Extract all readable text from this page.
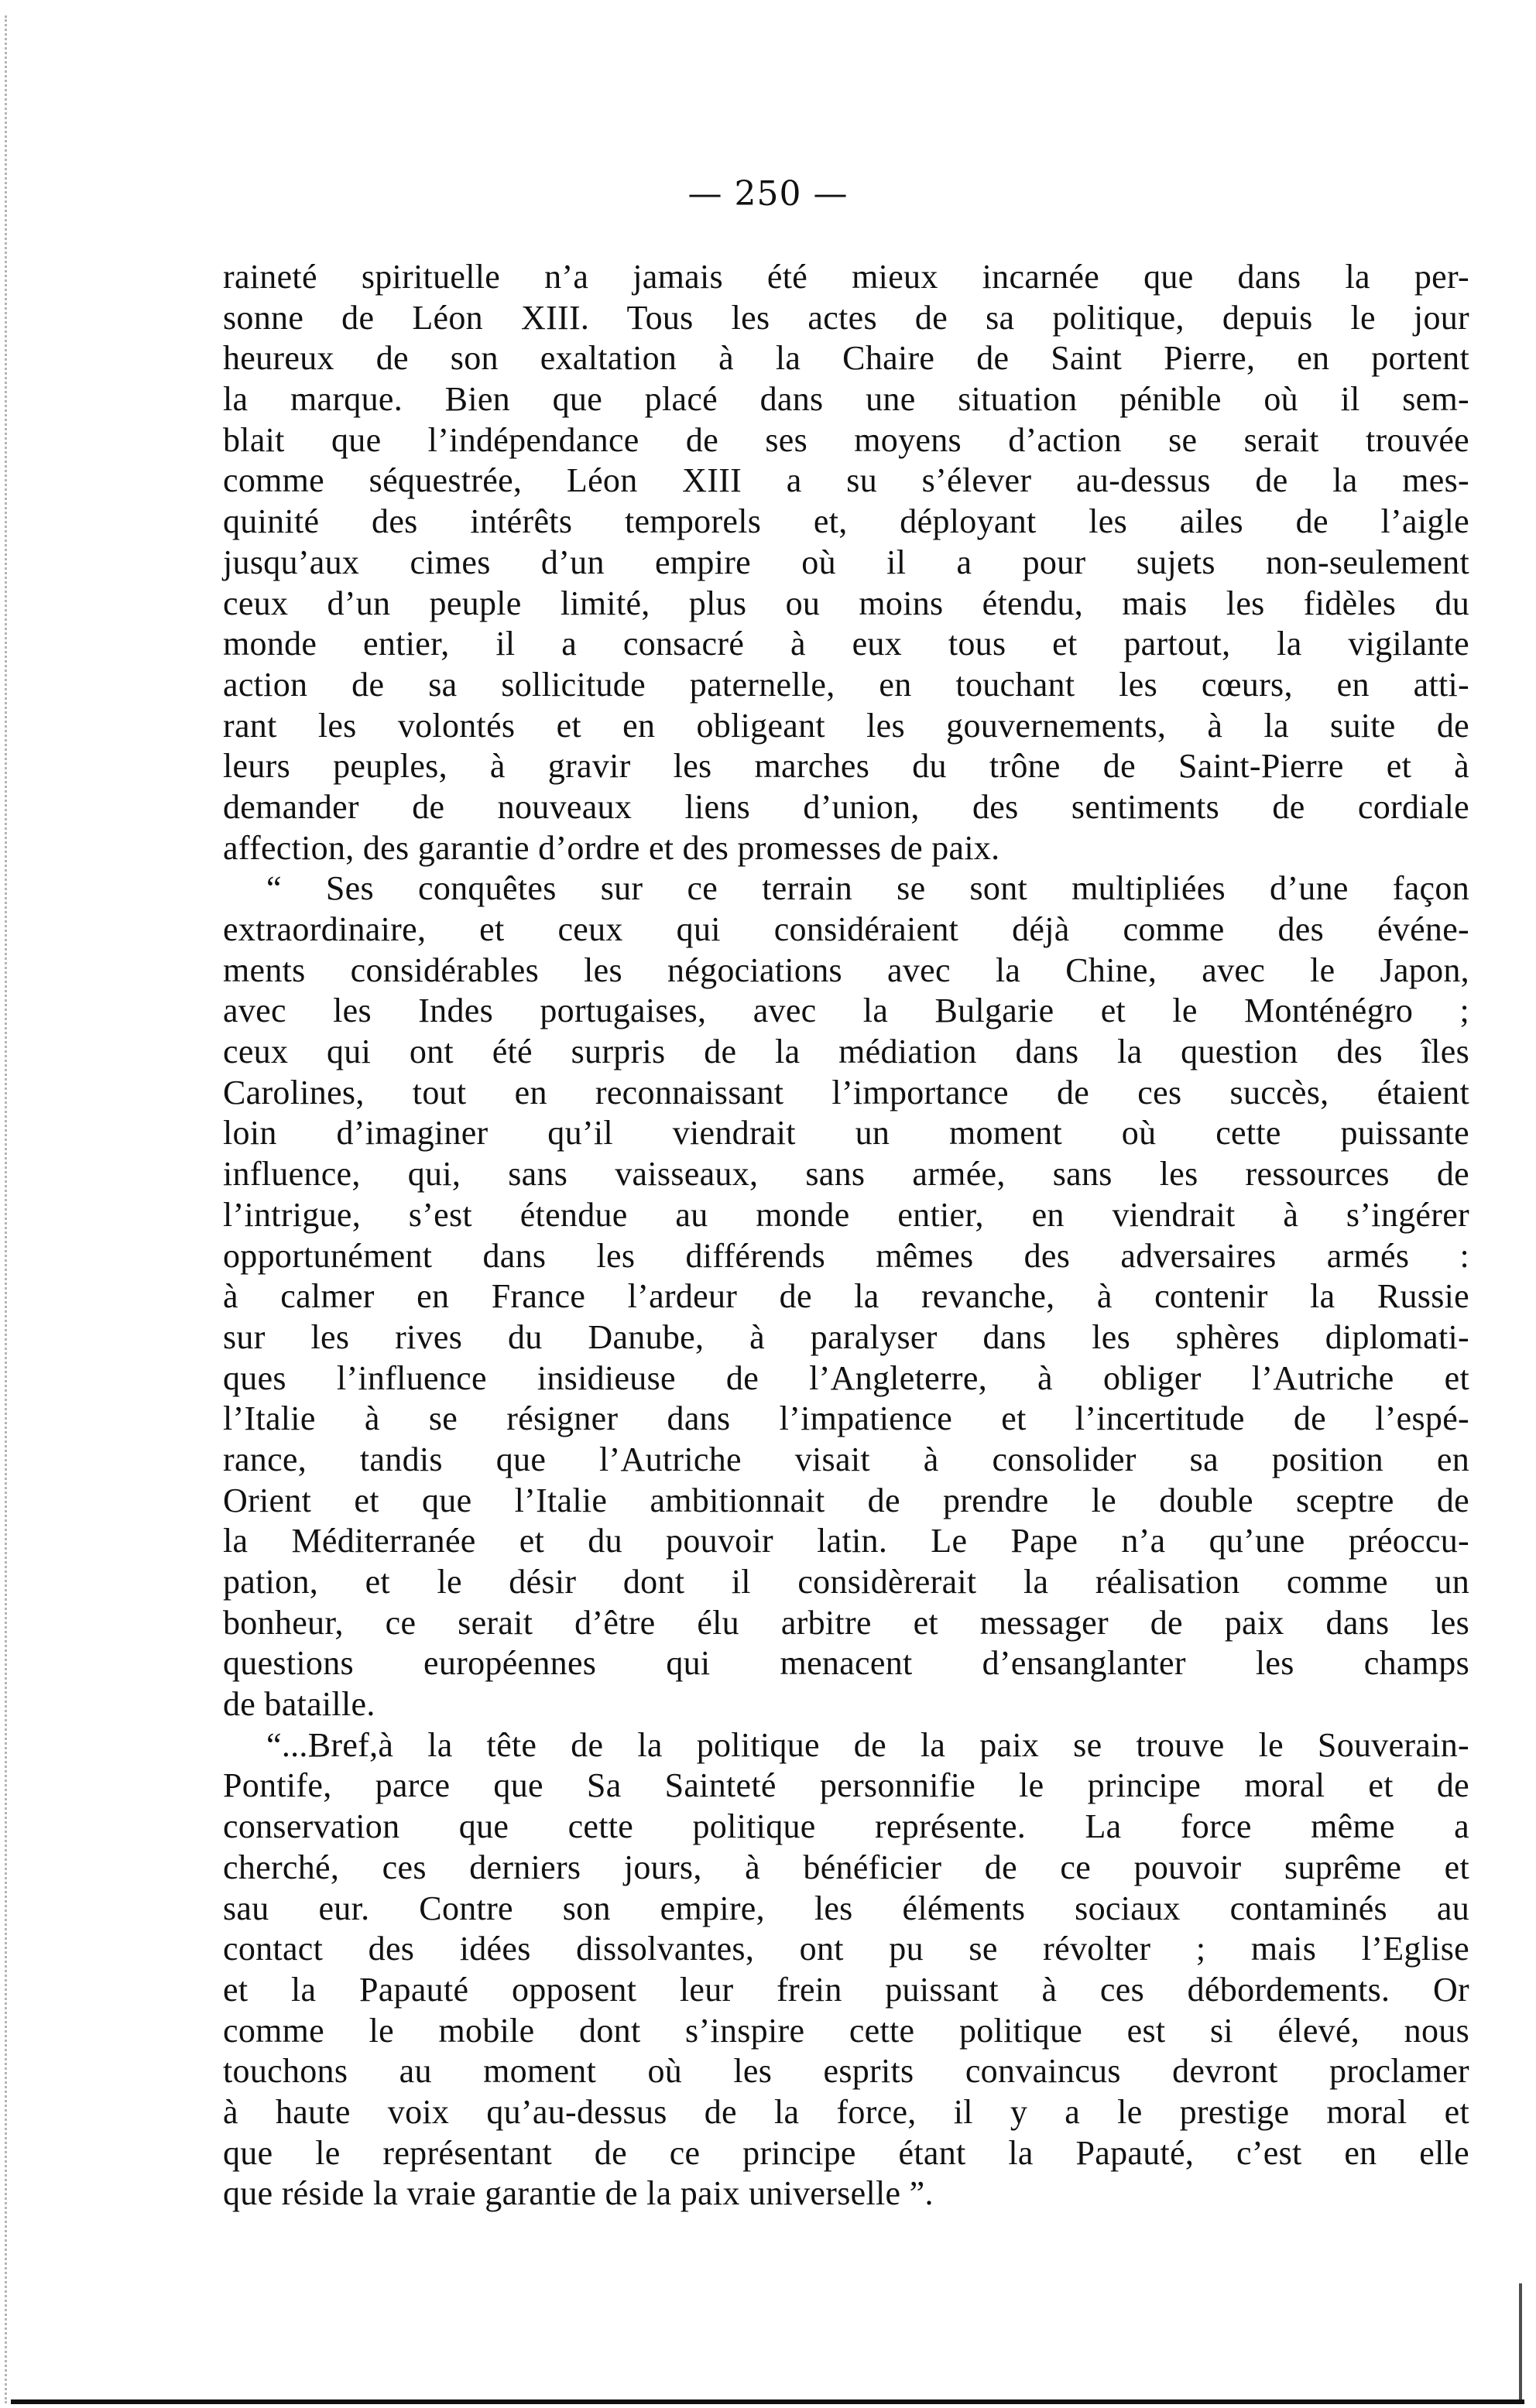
— 250 —
raineté spirituelle n’a jamais été mieux incarnée que dans la per-
sonne de Léon XIII. Tous les actes de sa politique, depuis le jour
heureux de son exaltation à la Chaire de Saint Pierre, en portent
la marque. Bien que placé dans une situation pénible où il sem-
blait que l’indépendance de ses moyens d’action se serait trouvée
comme séquestrée, Léon XIII a su s’élever au-dessus de la mes-
quinité des intérêts temporels et, déployant les ailes de l’aigle
jusqu’aux cimes d’un empire où il a pour sujets non-seulement
ceux d’un peuple limité, plus ou moins étendu, mais les fidèles du
monde entier, il a consacré à eux tous et partout, la vigilante
action de sa sollicitude paternelle, en touchant les cœurs, en atti-
rant les volontés et en obligeant les gouvernements, à la suite de
leurs peuples, à gravir les marches du trône de Saint-Pierre et à
demander de nouveaux liens d’union, des sentiments de cordiale
affection, des garantie d’ordre et des promesses de paix.
“ Ses conquêtes sur ce terrain se sont multipliées d’une façon
extraordinaire, et ceux qui considéraient déjà comme des événe-
ments considérables les négociations avec la Chine, avec le Japon,
avec les Indes portugaises, avec la Bulgarie et le Monténégro ;
ceux qui ont été surpris de la médiation dans la question des îles
Carolines, tout en reconnaissant l’importance de ces succès, étaient
loin d’imaginer qu’il viendrait un moment où cette puissante
influence, qui, sans vaisseaux, sans armée, sans les ressources de
l’intrigue, s’est étendue au monde entier, en viendrait à s’ingérer
opportunément dans les différends mêmes des adversaires armés :
à calmer en France l’ardeur de la revanche, à contenir la Russie
sur les rives du Danube, à paralyser dans les sphères diplomati-
ques l’influence insidieuse de l’Angleterre, à obliger l’Autriche et
l’Italie à se résigner dans l’impatience et l’incertitude de l’espé-
rance, tandis que l’Autriche visait à consolider sa position en
Orient et que l’Italie ambitionnait de prendre le double sceptre de
la Méditerranée et du pouvoir latin. Le Pape n’a qu’une préoccu-
pation, et le désir dont il considèrerait la réalisation comme un
bonheur, ce serait d’être élu arbitre et messager de paix dans les
questions européennes qui menacent d’ensanglanter les champs
de bataille.
“...Bref,à la tête de la politique de la paix se trouve le Souverain-
Pontife, parce que Sa Sainteté personnifie le principe moral et de
conservation que cette politique représente. La force même a
cherché, ces derniers jours, à bénéficier de ce pouvoir suprême et
sau eur. Contre son empire, les éléments sociaux contaminés au
contact des idées dissolvantes, ont pu se révolter ; mais l’Eglise
et la Papauté opposent leur frein puissant à ces débordements. Or
comme le mobile dont s’inspire cette politique est si élevé, nous
touchons au moment où les esprits convaincus devront proclamer
à haute voix qu’au-dessus de la force, il y a le prestige moral et
que le représentant de ce principe étant la Papauté, c’est en elle
que réside la vraie garantie de la paix universelle ”.
